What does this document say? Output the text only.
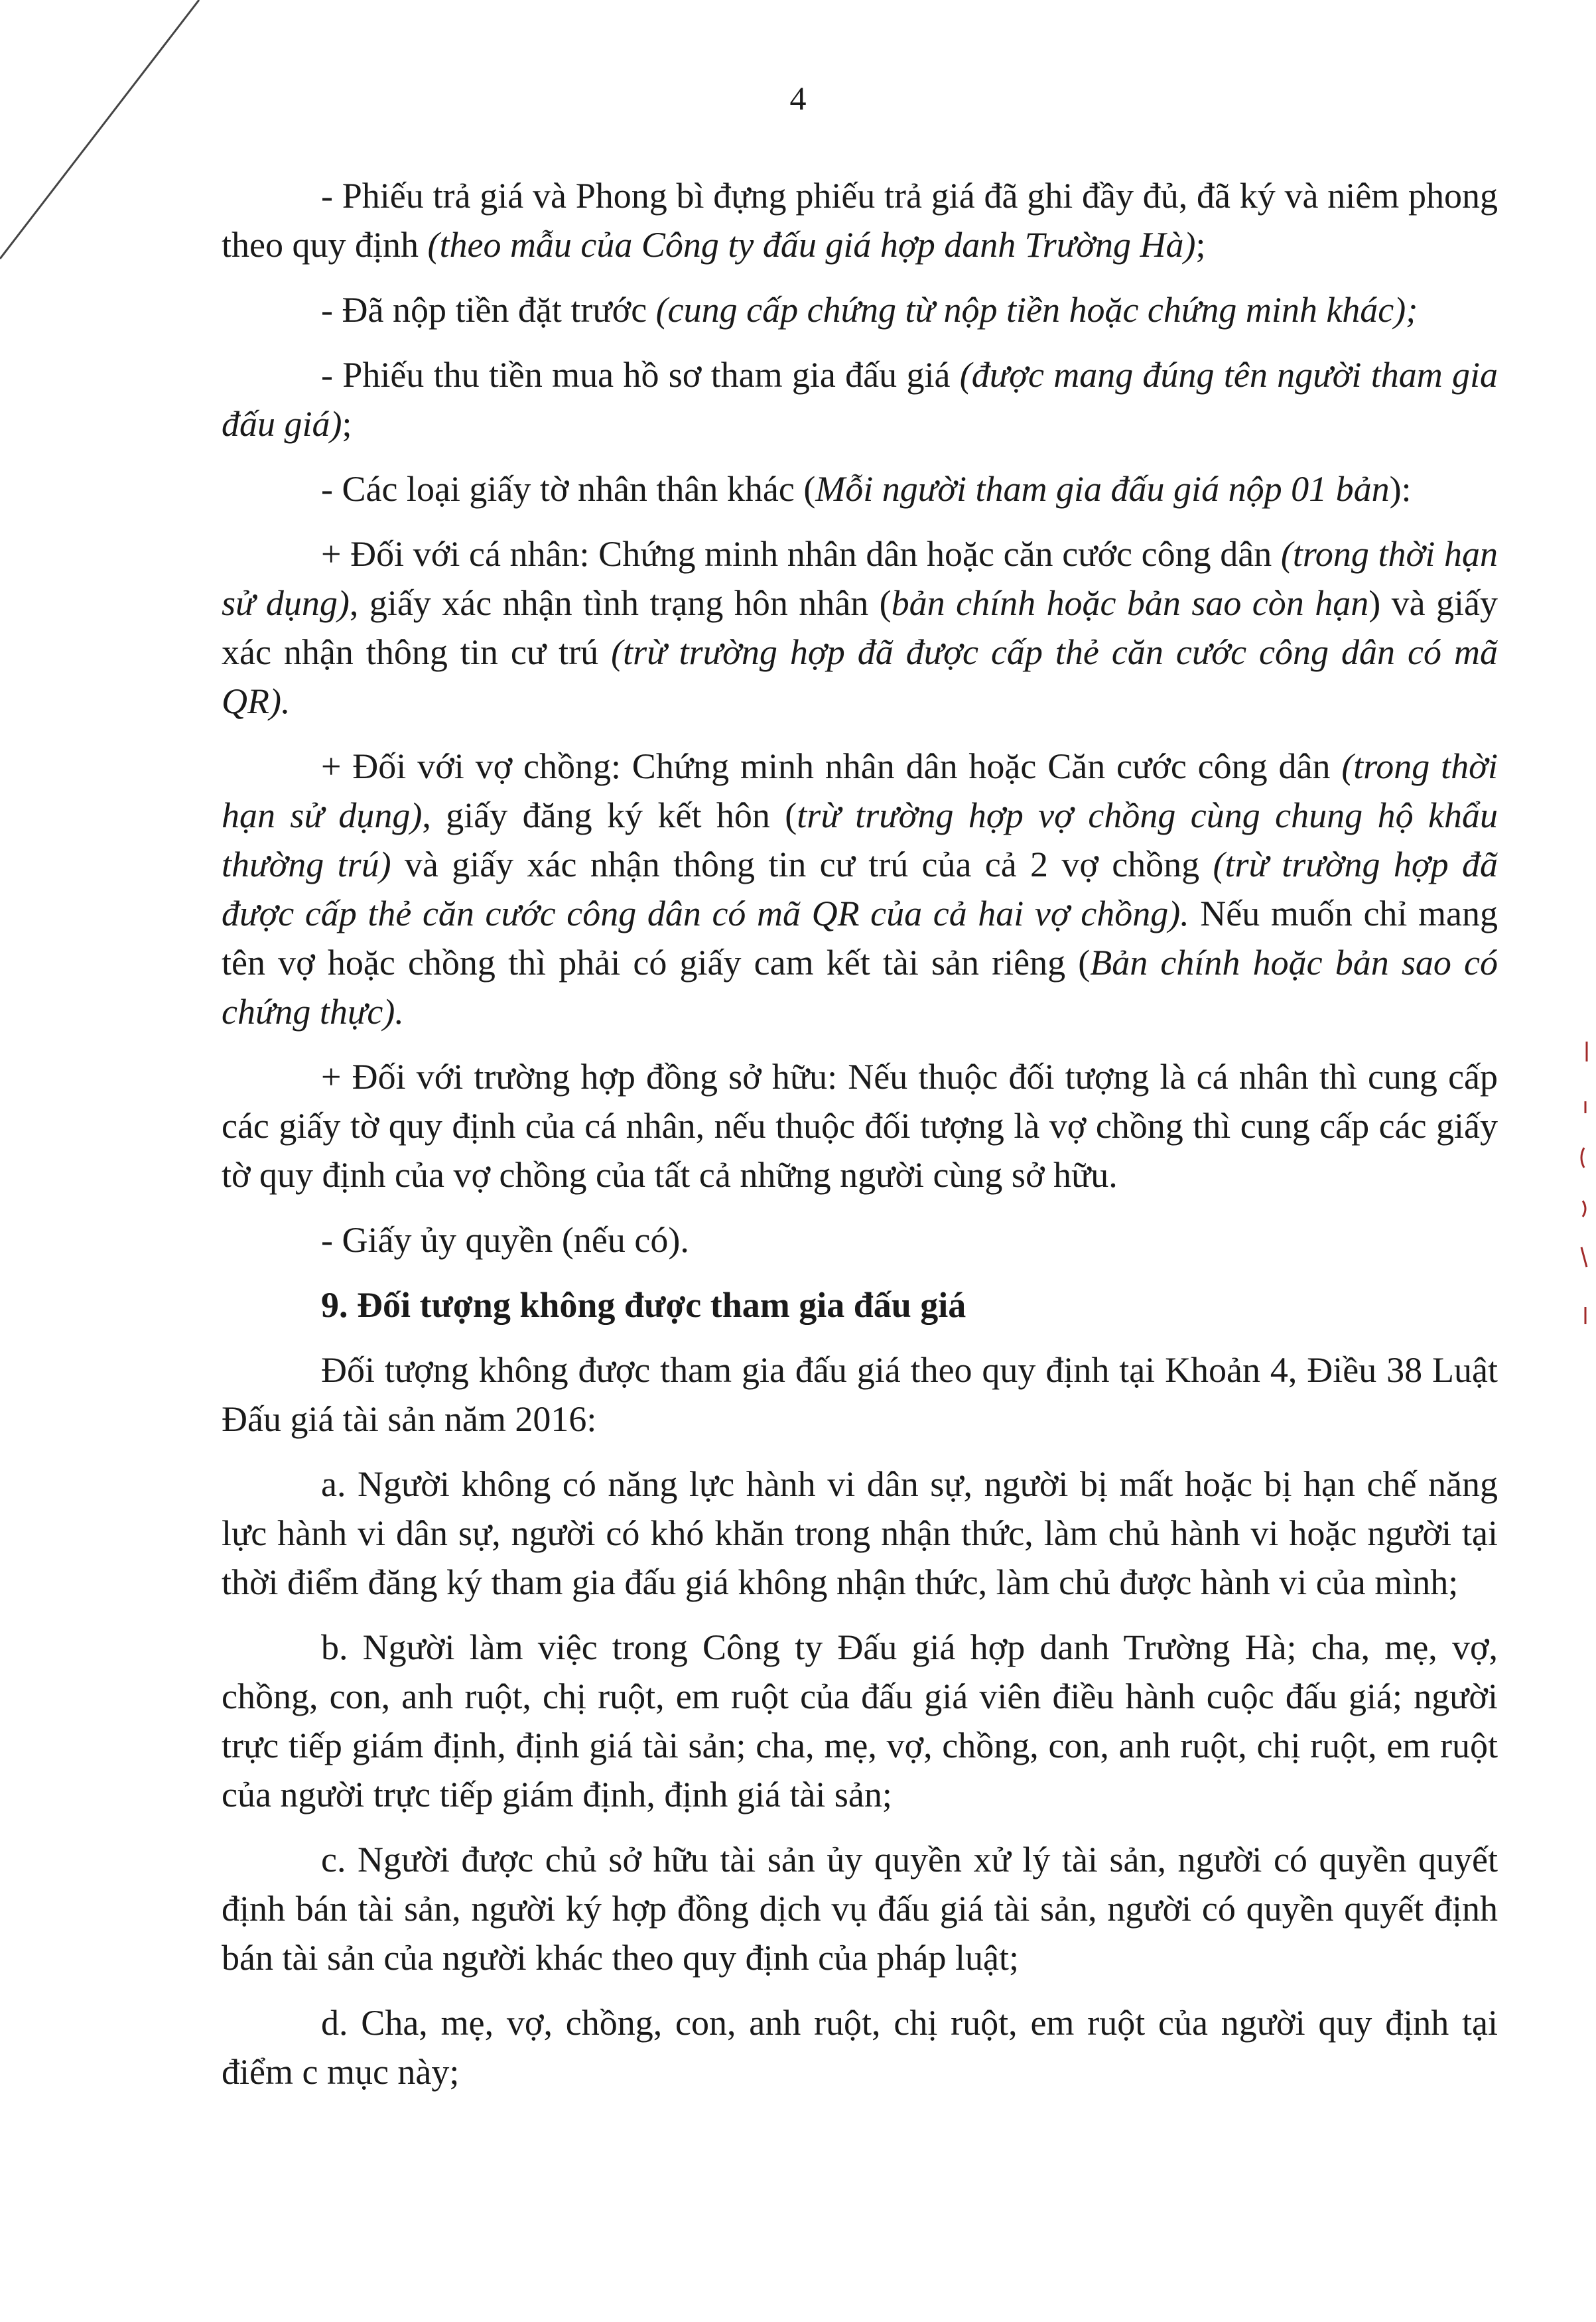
4

- Phiếu trả giá và Phong bì đựng phiếu trả giá đã ghi đầy đủ, đã ký và niêm phong theo quy định (theo mẫu của Công ty đấu giá hợp danh Trường Hà);

- Đã nộp tiền đặt trước (cung cấp chứng từ nộp tiền hoặc chứng minh khác);

- Phiếu thu tiền mua hồ sơ tham gia đấu giá (được mang đúng tên người tham gia đấu giá);

- Các loại giấy tờ nhân thân khác (Mỗi người tham gia đấu giá nộp 01 bản):

+ Đối với cá nhân: Chứng minh nhân dân hoặc căn cước công dân (trong thời hạn sử dụng), giấy xác nhận tình trạng hôn nhân (bản chính hoặc bản sao còn hạn) và giấy xác nhận thông tin cư trú (trừ trường hợp đã được cấp thẻ căn cước công dân có mã QR).

+ Đối với vợ chồng: Chứng minh nhân dân hoặc Căn cước công dân (trong thời hạn sử dụng), giấy đăng ký kết hôn (trừ trường hợp vợ chồng cùng chung hộ khẩu thường trú) và giấy xác nhận thông tin cư trú của cả 2 vợ chồng (trừ trường hợp đã được cấp thẻ căn cước công dân có mã QR của cả hai vợ chồng). Nếu muốn chỉ mang tên vợ hoặc chồng thì phải có giấy cam kết tài sản riêng (Bản chính hoặc bản sao có chứng thực).

+ Đối với trường hợp đồng sở hữu: Nếu thuộc đối tượng là cá nhân thì cung cấp các giấy tờ quy định của cá nhân, nếu thuộc đối tượng là vợ chồng thì cung cấp các giấy tờ quy định của vợ chồng của tất cả những người cùng sở hữu.

- Giấy ủy quyền (nếu có).

9. Đối tượng không được tham gia đấu giá

Đối tượng không được tham gia đấu giá theo quy định tại Khoản 4, Điều 38 Luật Đấu giá tài sản năm 2016:

a. Người không có năng lực hành vi dân sự, người bị mất hoặc bị hạn chế năng lực hành vi dân sự, người có khó khăn trong nhận thức, làm chủ hành vi hoặc người tại thời điểm đăng ký tham gia đấu giá không nhận thức, làm chủ được hành vi của mình;

b. Người làm việc trong Công ty Đấu giá hợp danh Trường Hà; cha, mẹ, vợ, chồng, con, anh ruột, chị ruột, em ruột của đấu giá viên điều hành cuộc đấu giá; người trực tiếp giám định, định giá tài sản; cha, mẹ, vợ, chồng, con, anh ruột, chị ruột, em ruột của người trực tiếp giám định, định giá tài sản;

c. Người được chủ sở hữu tài sản ủy quyền xử lý tài sản, người có quyền quyết định bán tài sản, người ký hợp đồng dịch vụ đấu giá tài sản, người có quyền quyết định bán tài sản của người khác theo quy định của pháp luật;

d. Cha, mẹ, vợ, chồng, con, anh ruột, chị ruột, em ruột của người quy định tại điểm c mục này;
